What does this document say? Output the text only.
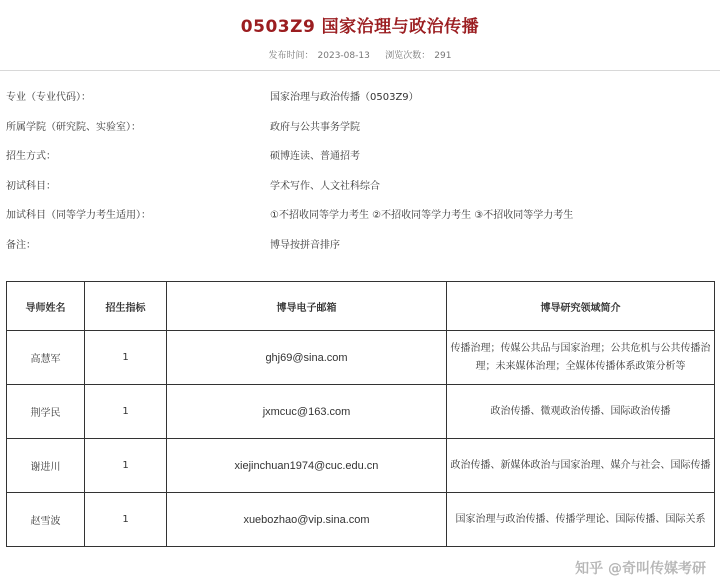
0503Z9 国家治理与政治传播
发布时间： 2023-08-13 浏览次数： 291
专业（专业代码）：	国家治理与政治传播（0503Z9）
所属学院（研究院、实验室）：	政府与公共事务学院
招生方式：	硕博连读、普通招考
初试科目：	学术写作、人文社科综合
加试科目（同等学力考生适用）：	①不招收同等学力考生 ②不招收同等学力考生 ③不招收同等学力考生
备注：	博导按拼音排序
导师姓名	招生指标	博导电子邮箱	博导研究领域简介
高慧军	1	ghj69@sina.com	传播治理；传媒公共品与国家治理；公共危机与公共传播治理；未来媒体治理；全媒体传播体系政策分析等
荆学民	1	jxmcuc@163.com	政治传播、微观政治传播、国际政治传播
谢进川	1	xiejinchuan1974@cuc.edu.cn	政治传播、新媒体政治与国家治理、媒介与社会、国际传播
赵雪波	1	xuebozhao@vip.sina.com	国家治理与政治传播、传播学理论、国际传播、国际关系
知乎 @奇叫传媒考研
